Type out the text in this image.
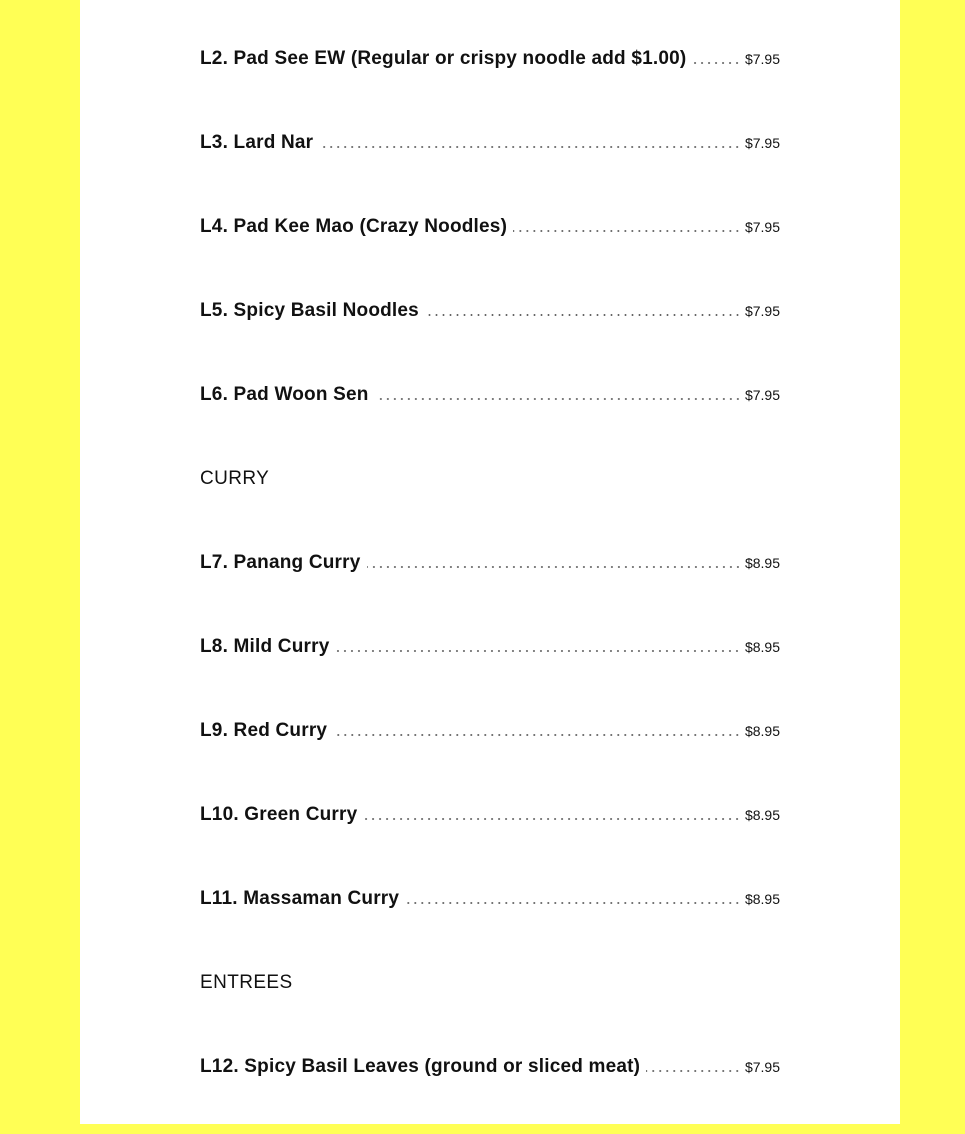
L2. Pad See EW (Regular or crispy noodle add $1.00)	$7.95
L3. Lard Nar	$7.95
L4. Pad Kee Mao (Crazy Noodles)	$7.95
L5. Spicy Basil Noodles	$7.95
L6. Pad Woon Sen	$7.95
CURRY
L7. Panang Curry	$8.95
L8. Mild Curry	$8.95
L9. Red Curry	$8.95
L10. Green Curry	$8.95
L11. Massaman Curry	$8.95
ENTREES
L12. Spicy Basil Leaves (ground or sliced meat)	$7.95
